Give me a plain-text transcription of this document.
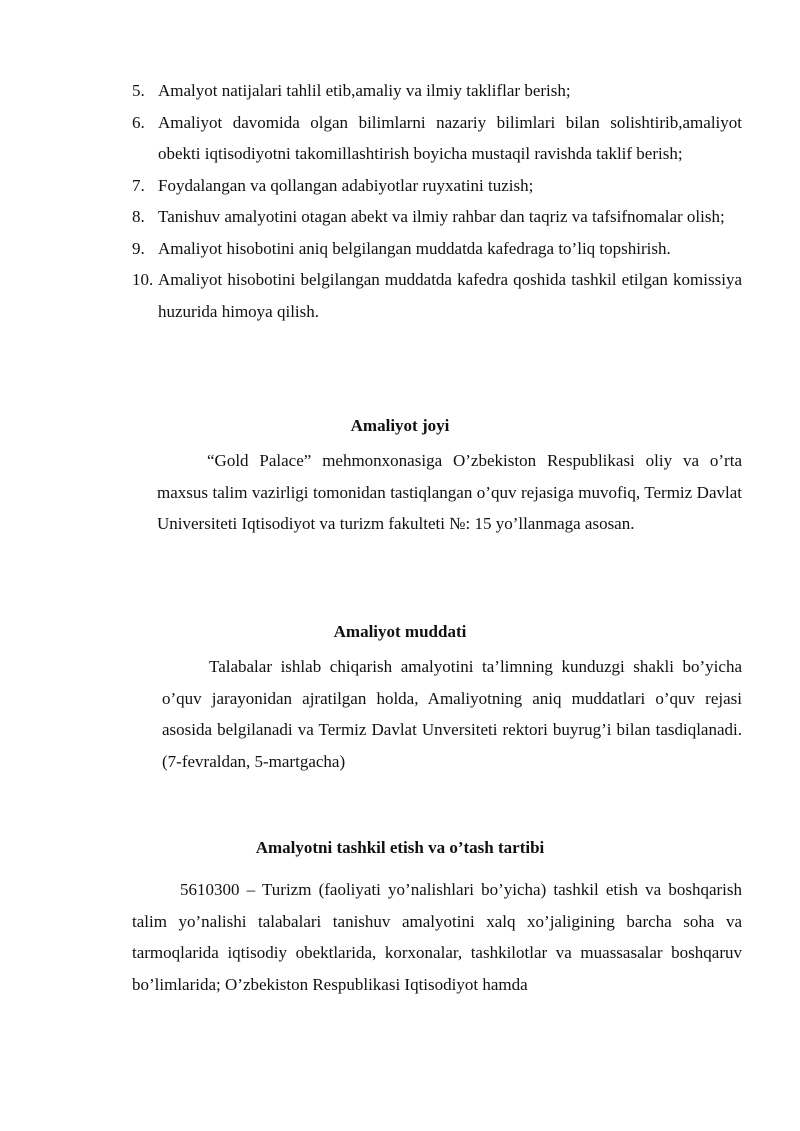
5. Amalyot natijalari tahlil etib,amaliy va ilmiy takliflar berish;
6. Amaliyot davomida olgan bilimlarni nazariy bilimlari bilan solishtirib,amaliyot obekti iqtisodiyotni takomillashtirish boyicha mustaqil ravishda taklif berish;
7. Foydalangan va qollangan adabiyotlar ruyxatini tuzish;
8. Tanishuv amalyotini otagan abekt va ilmiy rahbar dan taqriz va tafsifnomalar olish;
9. Amaliyot hisobotini aniq belgilangan muddatda kafedraga to’liq topshirish.
10. Amaliyot hisobotini belgilangan muddatda kafedra qoshida tashkil etilgan komissiya huzurida himoya qilish.
Amaliyot joyi
“Gold Palace” mehmonxonasiga O’zbekiston Respublikasi oliy va o’rta maxsus talim vazirligi tomonidan tastiqlangan o’quv rejasiga muvofiq, Termiz Davlat Universiteti Iqtisodiyot va turizm fakulteti №: 15 yo’llanmaga asosan.
Amaliyot muddati
Talabalar ishlab chiqarish amalyotini ta’limning kunduzgi shakli bo’yicha o’quv jarayonidan ajratilgan holda, Amaliyotning aniq muddatlari o’quv rejasi asosida belgilanadi va Termiz Davlat Unversiteti rektori buyrug’i bilan tasdiqlanadi.(7-fevraldan, 5-martgacha)
Amalyotni tashkil etish va o’tash tartibi
5610300 – Turizm (faoliyati yo’nalishlari bo’yicha) tashkil etish va boshqarish talim yo’nalishi talabalari tanishuv amalyotini xalq xo’jaligining barcha soha va tarmoqlarida iqtisodiy obektlarida, korxonalar, tashkilotlar va muassasalar boshqaruv bo’limlarida; O’zbekiston Respublikasi Iqtisodiyot hamda
